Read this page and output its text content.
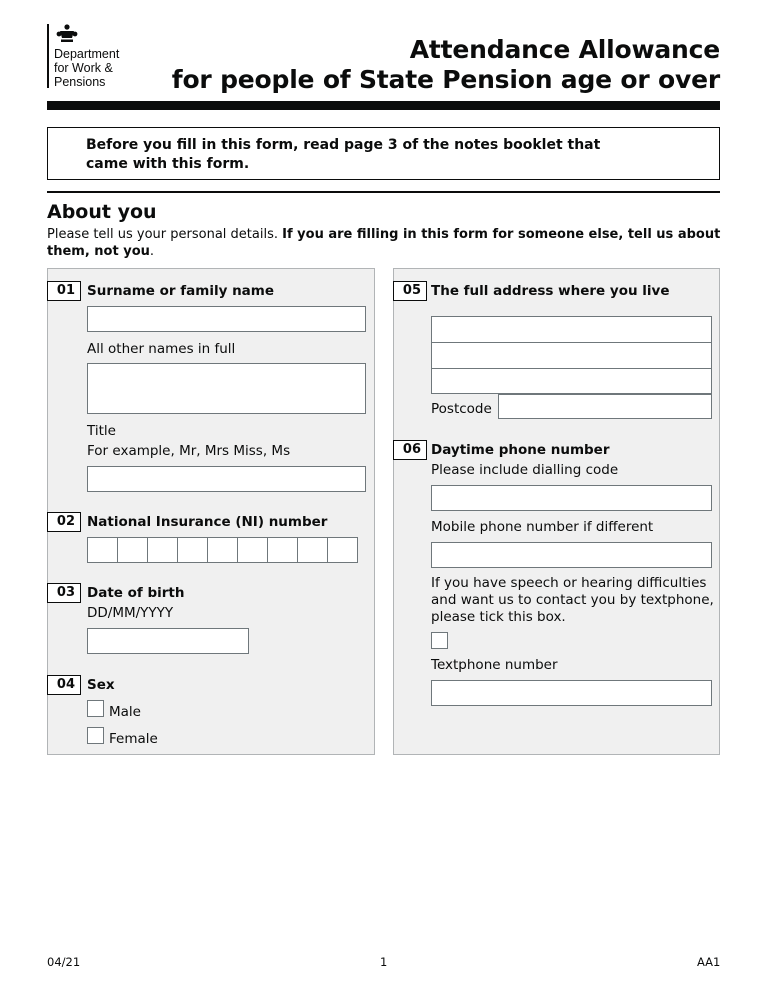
Department
for Work &
Pensions
Attendance Allowance
for people of State Pension age or over
Before you fill in this form, read page 3 of the notes booklet that came with this form.
About you
Please tell us your personal details. If you are filling in this form for someone else, tell us about them, not you.
01 Surname or family name
All other names in full
Title
For example, Mr, Mrs Miss, Ms
02 National Insurance (NI) number
03 Date of birth
DD/MM/YYYY
04 Sex
Male
Female
05 The full address where you live
Postcode
06 Daytime phone number
Please include dialling code
Mobile phone number if different
If you have speech or hearing difficulties and want us to contact you by textphone, please tick this box.
Textphone number
04/21	1	AA1
